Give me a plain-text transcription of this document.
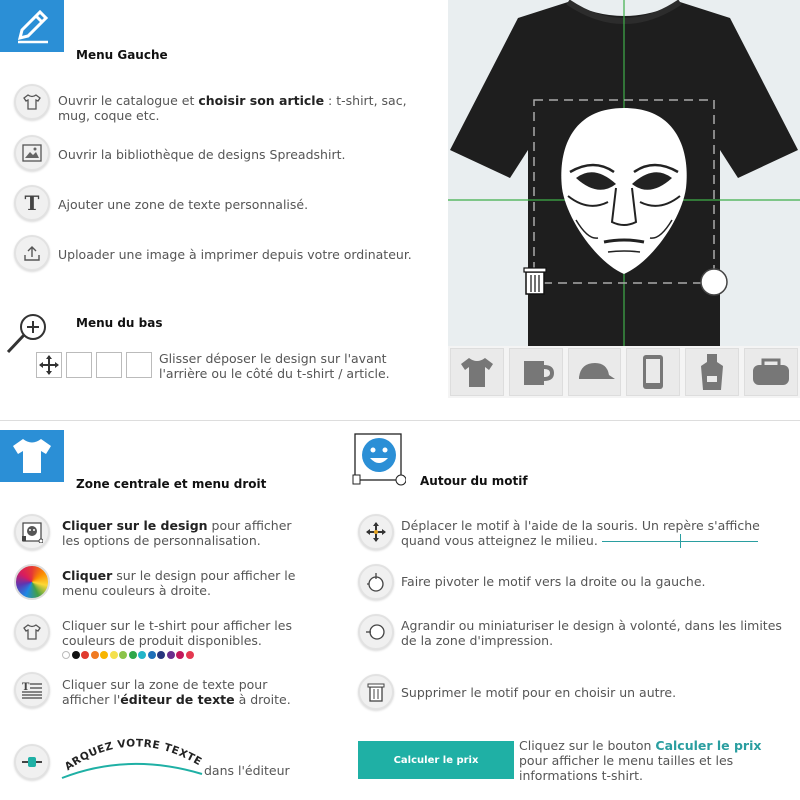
Menu Gauche
Ouvrir le catalogue et choisir son article : t-shirt, sac, mug, coque etc.
Ouvrir la bibliothèque de designs Spreadshirt.
T Ajouter une zone de texte personnalisé.
Uploader une image à imprimer depuis votre ordinateur.
Menu du bas
Glisser déposer le design sur l'avant l'arrière ou le côté du t-shirt / article.
Zone centrale et menu droit
Cliquer sur le design pour afficher les options de personnalisation.
Cliquer sur le design pour afficher le menu couleurs à droite.
Cliquer sur le t-shirt pour afficher les couleurs de produit disponibles.
T	Cliquer sur la zone de texte pour afficher l'éditeur de texte à droite.
ARQUEZ VOTRE TEXTE
dans l'éditeur
Autour du motif
Déplacer le motif à l'aide de la souris. Un repère s'affiche quand vous atteignez le milieu.
Faire pivoter le motif vers la droite ou la gauche.
Agrandir ou miniaturiser le design à volonté, dans les limites de la zone d'impression.
Supprimer le motif pour en choisir un autre.
Calculer le prix
Cliquez sur le bouton Calculer le prix pour afficher le menu tailles et les informations t-shirt.
